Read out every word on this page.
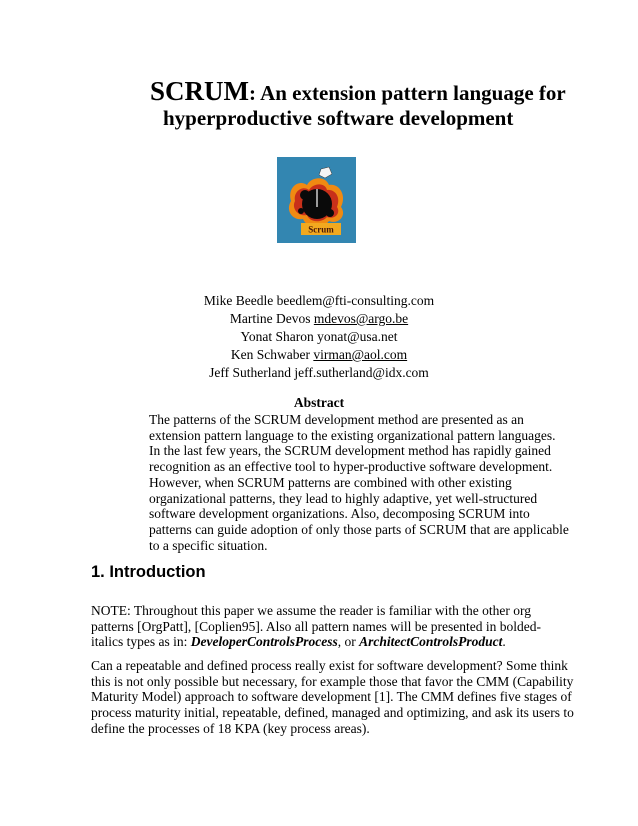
SCRUM: An extension pattern language for
hyperproductive software development
Scrum
Mike Beedle beedlem@fti-consulting.com
Martine Devos mdevos@argo.be
Yonat Sharon yonat@usa.net
Ken Schwaber virman@aol.com
Jeff Sutherland jeff.sutherland@idx.com
Abstract
The patterns of the SCRUM development method are presented as an
extension pattern language to the existing organizational pattern languages.
In the last few years, the SCRUM development method has rapidly gained
recognition as an effective tool to hyper-productive software development.
However, when SCRUM patterns are combined with other existing
organizational patterns, they lead to highly adaptive, yet well-structured
software development organizations. Also, decomposing SCRUM into
patterns can guide adoption of only those parts of SCRUM that are applicable
to a specific situation.
1. Introduction
NOTE: Throughout this paper we assume the reader is familiar with the other org
patterns [OrgPatt], [Coplien95]. Also all pattern names will be presented in bolded-
italics types as in: DeveloperControlsProcess, or ArchitectControlsProduct.
Can a repeatable and defined process really exist for software development? Some think
this is not only possible but necessary, for example those that favor the CMM (Capability
Maturity Model) approach to software development [1]. The CMM defines five stages of
process maturity initial, repeatable, defined, managed and optimizing, and ask its users to
define the processes of 18 KPA (key process areas).
